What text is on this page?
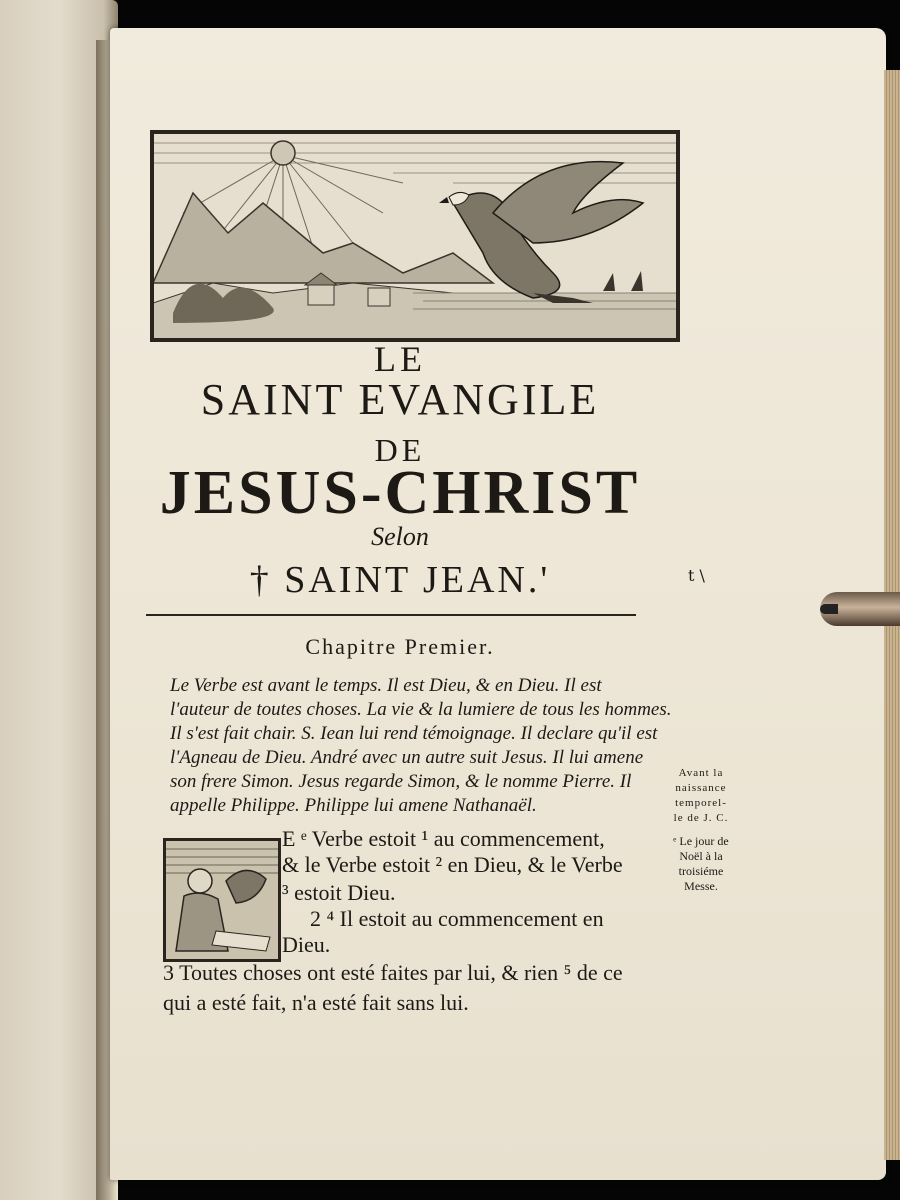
LE
SAINT EVANGILE
DE
JESUS-CHRIST
Selon
† SAINT JEAN.'	t \
Chapitre Premier.
Le Verbe est avant le temps. Il est Dieu, & en Dieu. Il est
l'auteur de toutes choses. La vie & la lumiere de tous les hommes.
Il s'est fait chair. S. Iean lui rend témoignage. Il declare qu'il est
l'Agneau de Dieu. André avec un autre suit Jesus. Il lui amene
son frere Simon. Jesus regarde Simon, & le nomme Pierre. Il
appelle Philippe. Philippe lui amene Nathanaël.
E ᵉ Verbe estoit ¹ au commencement,
& le Verbe estoit ² en Dieu, & le Verbe
³ estoit Dieu.
2 ⁴ Il estoit au commencement en
Dieu.
3 Toutes choses ont esté faites par lui, & rien ⁵ de ce
qui a esté fait, n'a esté fait sans lui.
Avant la
naissance
temporel-
le de J. C.
ᵉ Le jour de
Noël à la
troisiéme
Messe.
